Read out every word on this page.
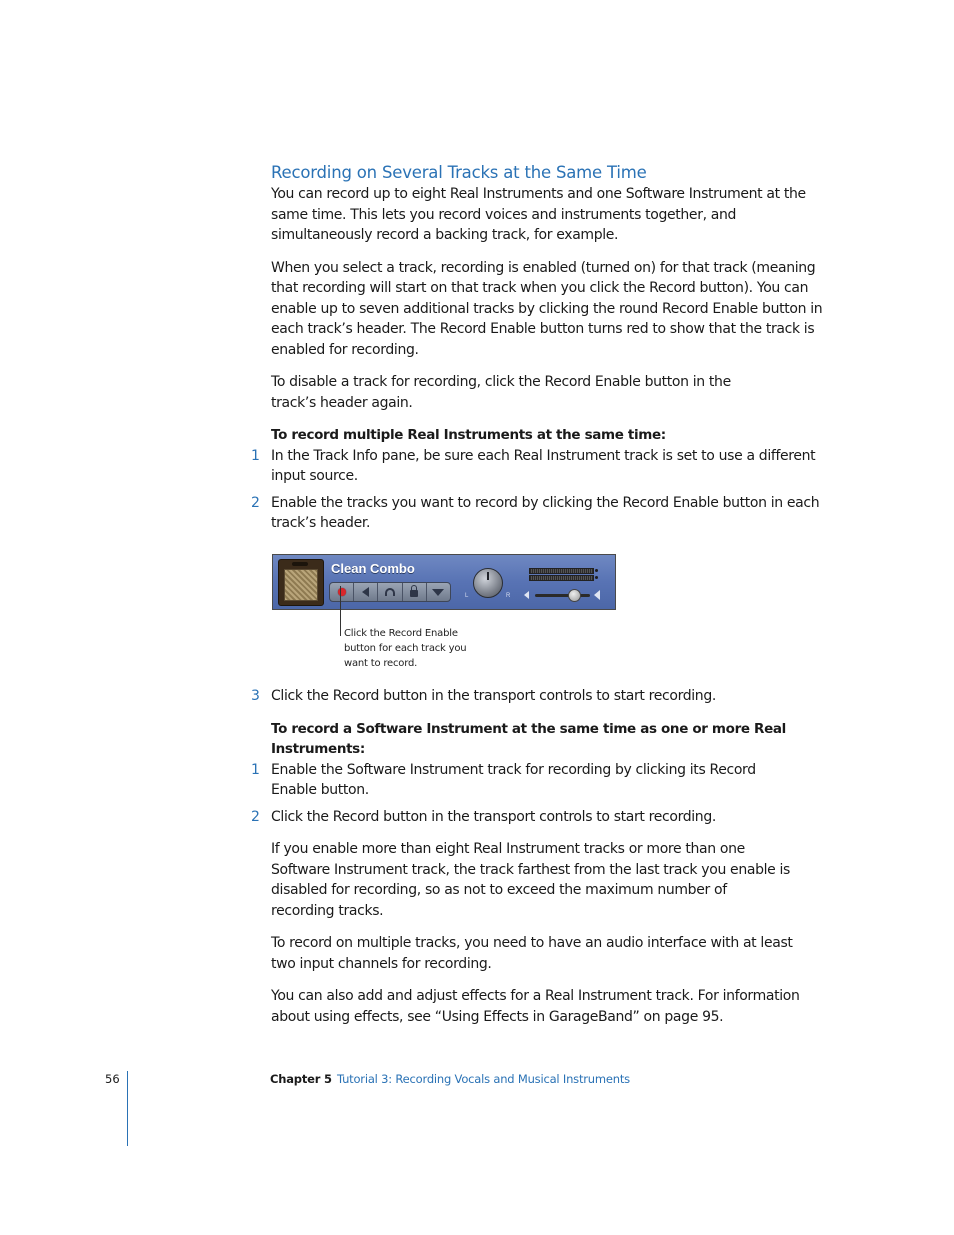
Recording on Several Tracks at the Same Time

You can record up to eight Real Instruments and one Software Instrument at the same time. This lets you record voices and instruments together, and simultaneously record a backing track, for example.

When you select a track, recording is enabled (turned on) for that track (meaning that recording will start on that track when you click the Record button). You can enable up to seven additional tracks by clicking the round Record Enable button in each track’s header. The Record Enable button turns red to show that the track is enabled for recording.

To disable a track for recording, click the Record Enable button in the track’s header again.

To record multiple Real Instruments at the same time:

1 In the Track Info pane, be sure each Real Instrument track is set to use a different input source.
2 Enable the tracks you want to record by clicking the Record Enable button in each track’s header.
Clean Combo
L	R
Click the Record Enable button for each track you want to record.
3 Click the Record button in the transport controls to start recording.

To record a Software Instrument at the same time as one or more Real Instruments:

1 Enable the Software Instrument track for recording by clicking its Record Enable button.
2 Click the Record button in the transport controls to start recording.

If you enable more than eight Real Instrument tracks or more than one Software Instrument track, the track farthest from the last track you enable is disabled for recording, so as not to exceed the maximum number of recording tracks.

To record on multiple tracks, you need to have an audio interface with at least two input channels for recording.

You can also add and adjust effects for a Real Instrument track. For information about using effects, see “Using Effects in GarageBand” on page 95.

56	Chapter 5 Tutorial 3: Recording Vocals and Musical Instruments
